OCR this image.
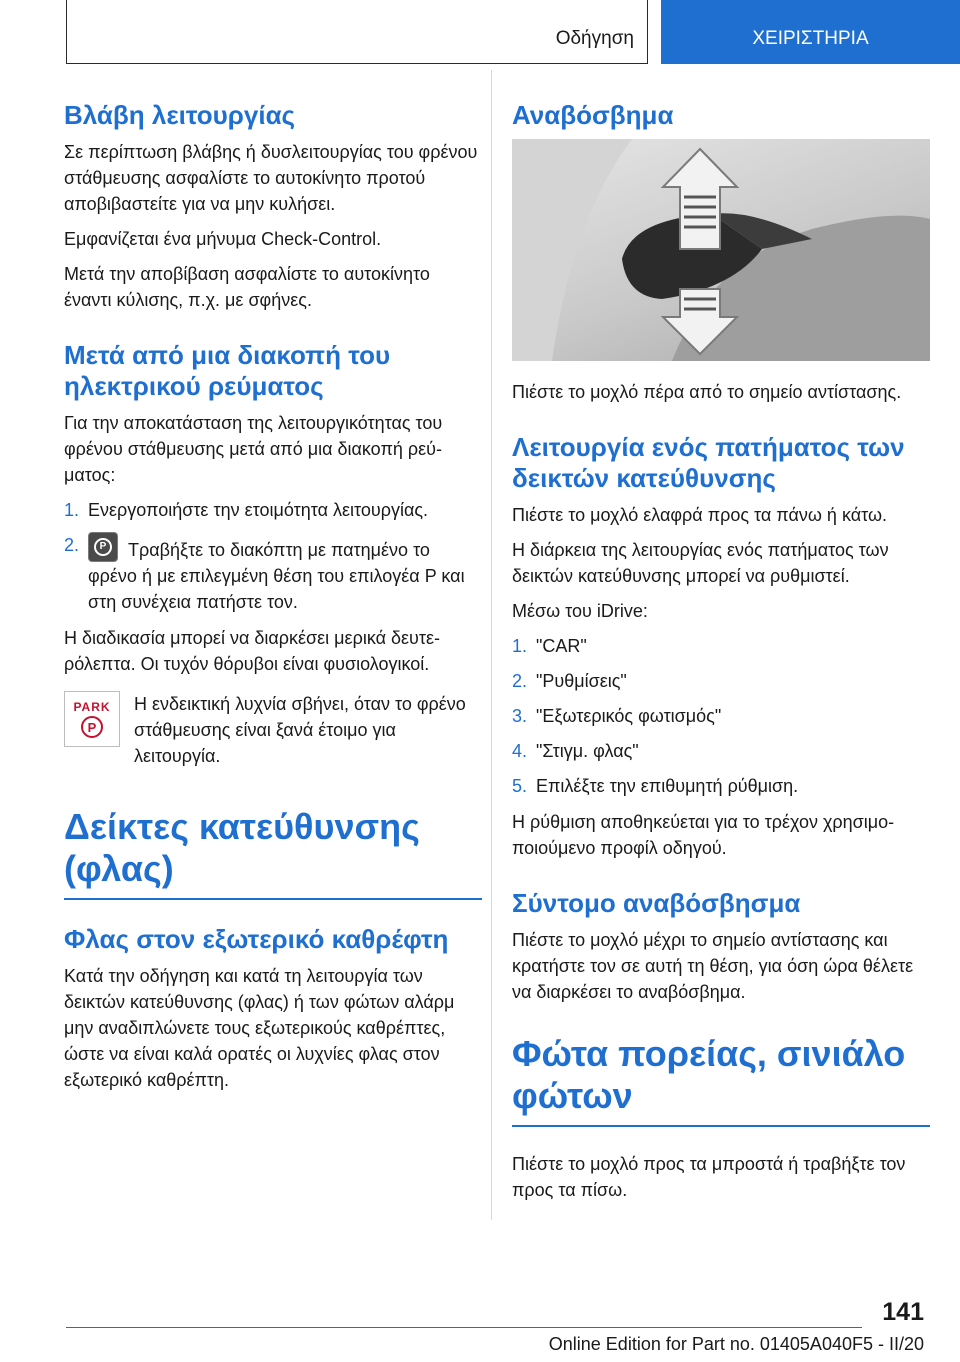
Οδήγηση	ΧΕΙΡΙΣΤΗΡΙΑ
Βλάβη λειτουργίας

Σε περίπτωση βλάβης ή δυσλειτουργίας του φρένου στάθμευσης ασφαλίστε το αυτοκίνητο προτού αποβιβαστείτε για να μην κυλήσει.

Εμφανίζεται ένα μήνυμα Check-Control.

Μετά την αποβίβαση ασφαλίστε το αυτοκίνητο έναντι κύλισης, π.χ. με σφήνες.

Μετά από μια διακοπή του ηλεκτρικού ρεύματος

Για την αποκατάσταση της λειτουργικότητας του φρένου στάθμευσης μετά από μια διακοπή ρεύματος:

1. Ενεργοποιήστε την ετοιμότητα λειτουργίας.
2.	P	Τραβήξτε το διακόπτη με πατημένο το φρένο ή με επιλεγμένη θέση του επιλογέα P και στη συνέχεια πατήστε τον.

Η διαδικασία μπορεί να διαρκέσει μερικά δευτερόλεπτα. Οι τυχόν θόρυβοι είναι φυσιολογικοί.

PARK
P

Η ενδεικτική λυχνία σβήνει, όταν το φρένο στάθμευσης είναι ξανά έτοιμο για λειτουργία.

Δείκτες κατεύθυνσης (φλας)
Φλας στον εξωτερικό καθρέφτη

Κατά την οδήγηση και κατά τη λειτουργία των δεικτών κατεύθυνσης (φλας) ή των φώτων αλάρμ μην αναδιπλώνετε τους εξωτερικούς καθρέπτες, ώστε να είναι καλά ορατές οι λυχνίες φλας στον εξωτερικό καθρέπτη.

Αναβόσβημα

Πιέστε το μοχλό πέρα από το σημείο αντίστασης.

Λειτουργία ενός πατήματος των δεικτών κατεύθυνσης

Πιέστε το μοχλό ελαφρά προς τα πάνω ή κάτω.

Η διάρκεια της λειτουργίας ενός πατήματος των δεικτών κατεύθυνσης μπορεί να ρυθμιστεί.

Μέσω του iDrive:

1. "CAR"
2. "Ρυθμίσεις"
3. "Εξωτερικός φωτισμός"
4. "Στιγμ. φλας"
5. Επιλέξτε την επιθυμητή ρύθμιση.

Η ρύθμιση αποθηκεύεται για το τρέχον χρησιμοποιούμενο προφίλ οδηγού.

Σύντομο αναβόσβησμα

Πιέστε το μοχλό μέχρι το σημείο αντίστασης και κρατήστε τον σε αυτή τη θέση, για όση ώρα θέλετε να διαρκέσει το αναβόσβημα.

Φώτα πορείας, σινιάλο φώτων

Πιέστε το μοχλό προς τα μπροστά ή τραβήξτε τον προς τα πίσω.

141
Online Edition for Part no. 01405A040F5 - II/20
